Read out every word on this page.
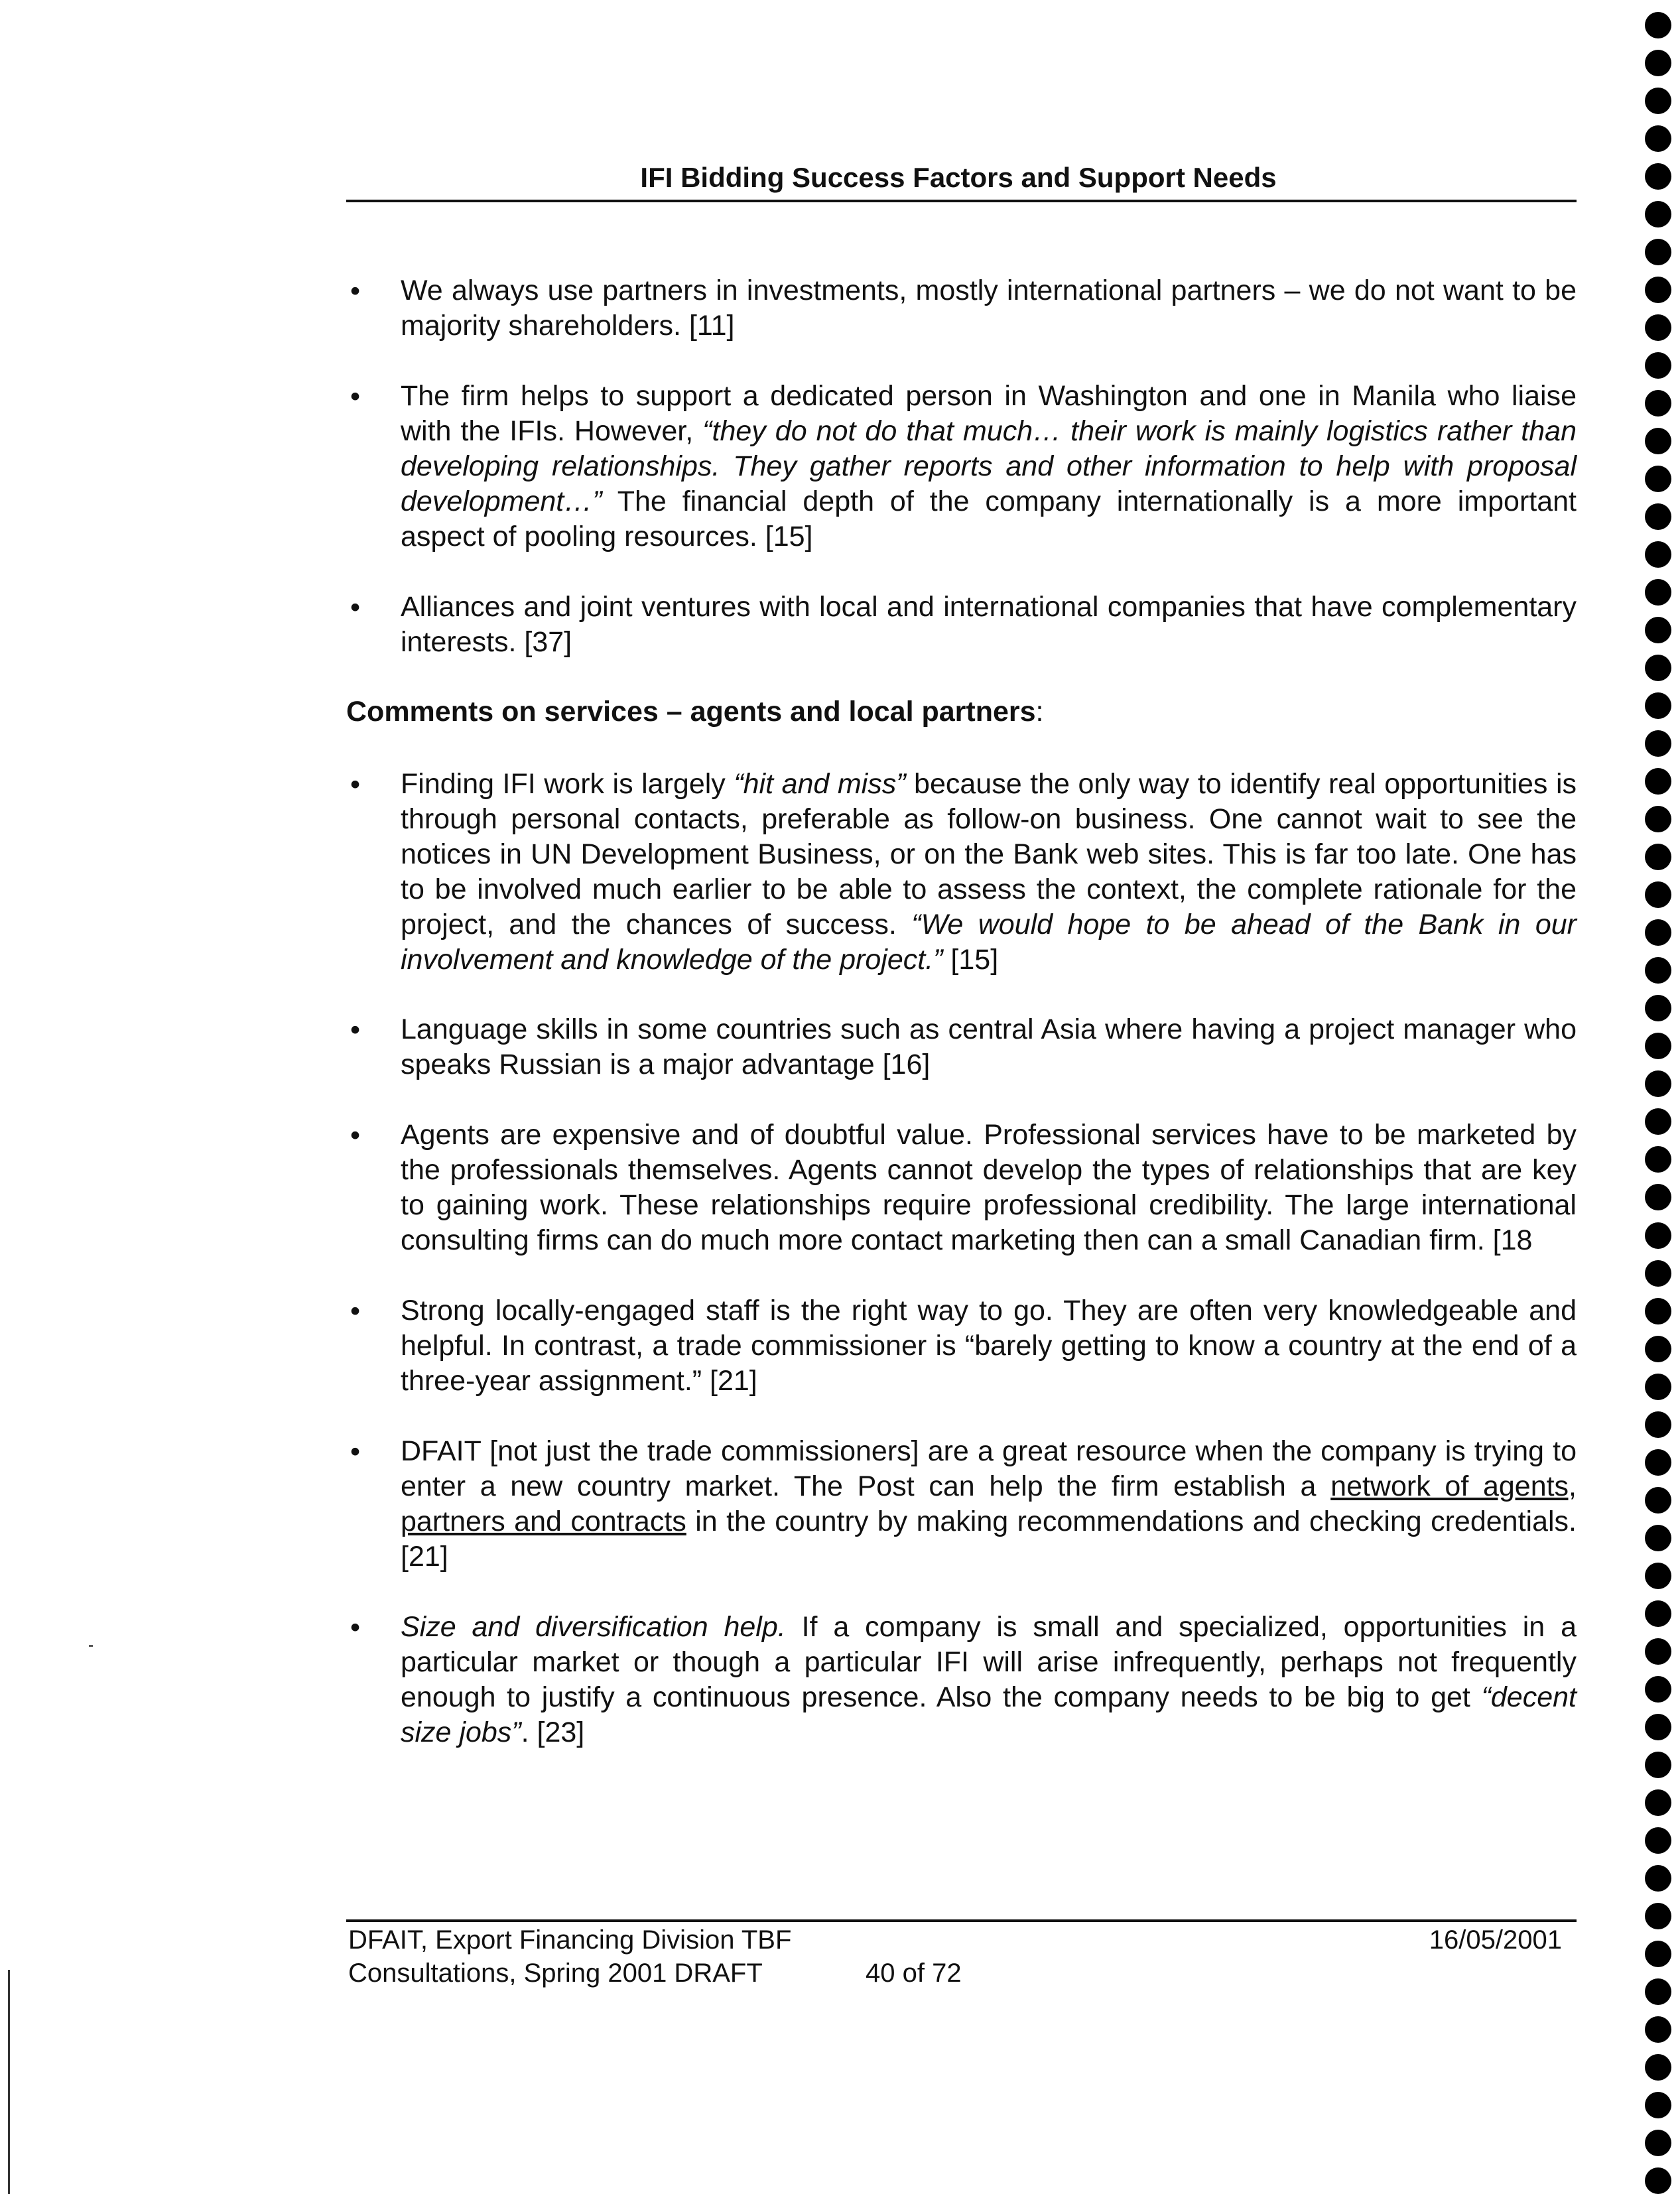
IFI Bidding Success Factors and Support Needs

• We always use partners in investments, mostly international partners – we do not want to be majority shareholders. [11]

• The firm helps to support a dedicated person in Washington and one in Manila who liaise with the IFIs. However, “they do not do that much… their work is mainly logistics rather than developing relationships. They gather reports and other information to help with proposal development…” The financial depth of the company internationally is a more important aspect of pooling resources. [15]

• Alliances and joint ventures with local and international companies that have complementary interests. [37]

Comments on services – agents and local partners:

• Finding IFI work is largely “hit and miss” because the only way to identify real opportunities is through personal contacts, preferable as follow-on business. One cannot wait to see the notices in UN Development Business, or on the Bank web sites. This is far too late. One has to be involved much earlier to be able to assess the context, the complete rationale for the project, and the chances of success. “We would hope to be ahead of the Bank in our involvement and knowledge of the project.” [15]

• Language skills in some countries such as central Asia where having a project manager who speaks Russian is a major advantage [16]

• Agents are expensive and of doubtful value. Professional services have to be marketed by the professionals themselves. Agents cannot develop the types of relationships that are key to gaining work. These relationships require professional credibility. The large international consulting firms can do much more contact marketing then can a small Canadian firm. [18

• Strong locally-engaged staff is the right way to go. They are often very knowledgeable and helpful. In contrast, a trade commissioner is “barely getting to know a country at the end of a three-year assignment.” [21]

• DFAIT [not just the trade commissioners] are a great resource when the company is trying to enter a new country market. The Post can help the firm establish a network of agents, partners and contracts in the country by making recommendations and checking credentials. [21]

• Size and diversification help. If a company is small and specialized, opportunities in a particular market or though a particular IFI will arise infrequently, perhaps not frequently enough to justify a continuous presence. Also the company needs to be big to get “decent size jobs”. [23]

DFAIT, Export Financing Division TBF
Consultations, Spring 2001 DRAFT	40 of 72
16/05/2001
